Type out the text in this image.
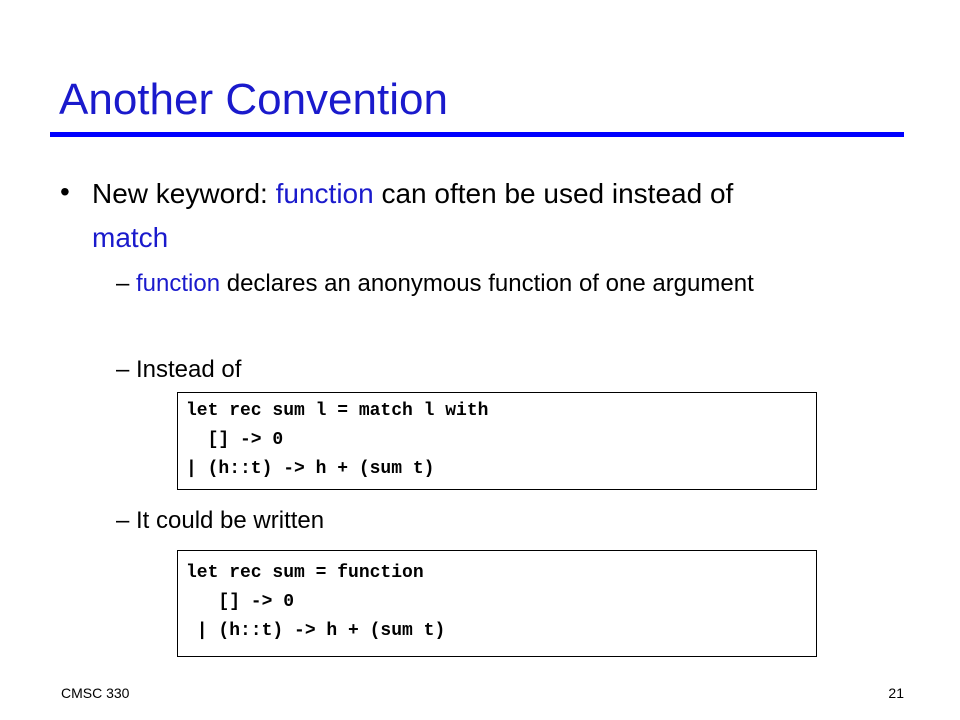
Another Convention
• New keyword: function can often be used instead of match
– function declares an anonymous function of one argument
– Instead of
let rec sum l = match l with
[] -> 0
| (h::t) -> h + (sum t)
– It could be written
let rec sum = function
[] -> 0
| (h::t) -> h + (sum t)
CMSC 330	21
